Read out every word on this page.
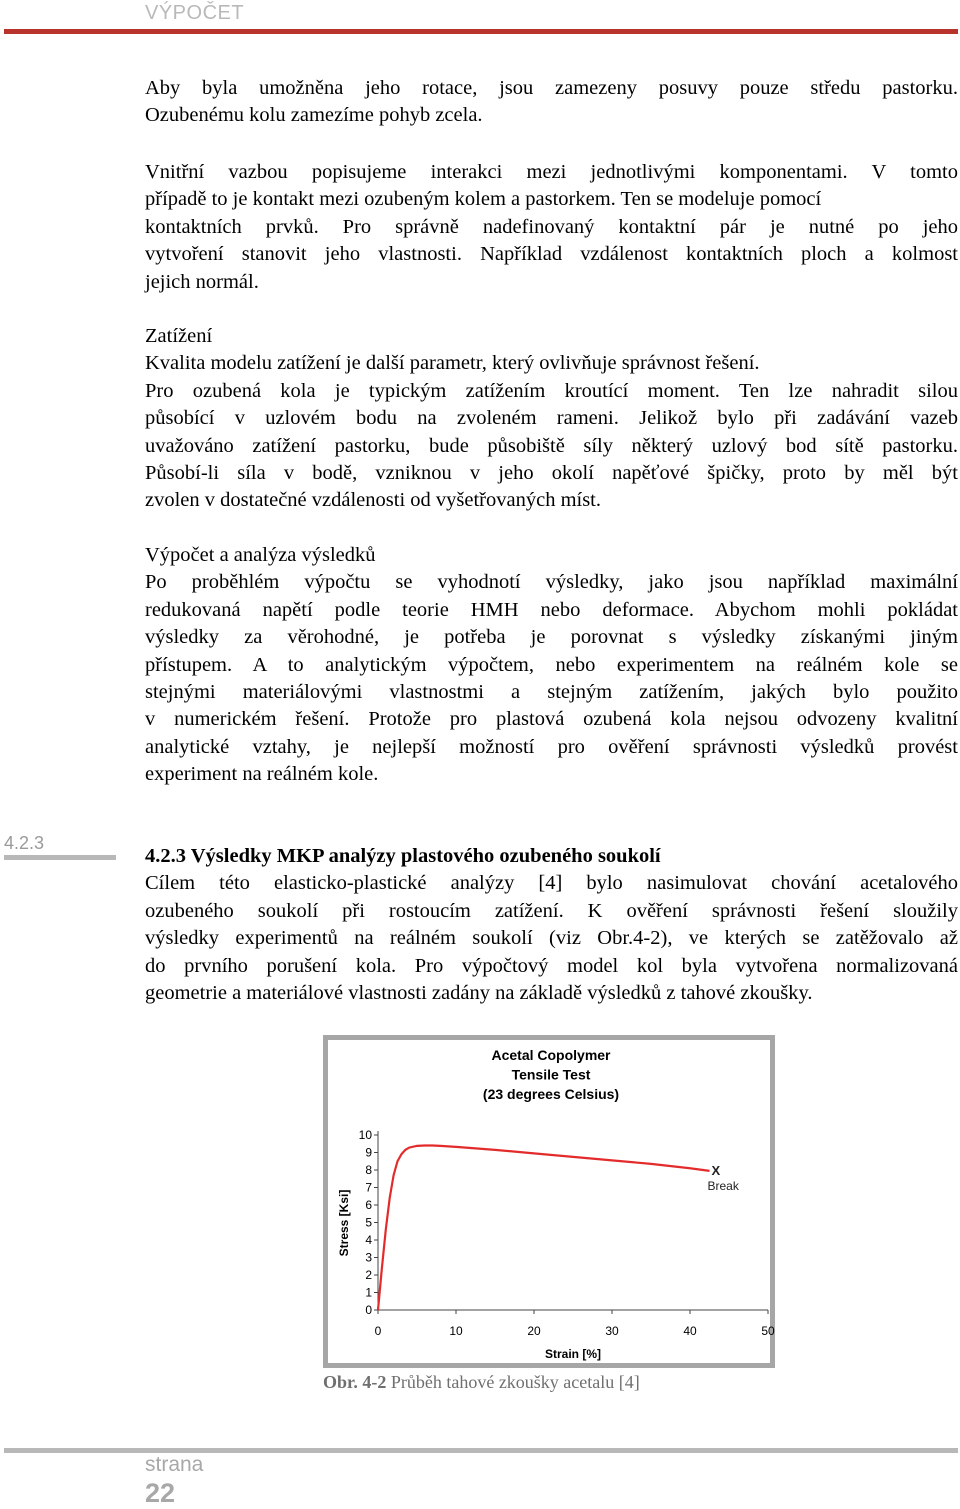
VÝPOČET
Aby byla umožněna jeho rotace, jsou zamezeny posuvy pouze středu pastorku.
Ozubenému kolu zamezíme pohyb zcela.
Vnitřní vazbou popisujeme interakci mezi jednotlivými komponentami. V tomto
případě to je kontakt mezi ozubeným kolem a pastorkem. Ten se modeluje pomocí
kontaktních prvků. Pro správně nadefinovaný kontaktní pár je nutné po jeho
vytvoření stanovit jeho vlastnosti. Například vzdálenost kontaktních ploch a kolmost
jejich normál.
Zatížení
Kvalita modelu zatížení je další parametr, který ovlivňuje správnost řešení.
Pro ozubená kola je typickým zatížením kroutící moment. Ten lze nahradit silou
působící v uzlovém bodu na zvoleném rameni. Jelikož bylo při zadávání vazeb
uvažováno zatížení pastorku, bude působiště síly některý uzlový bod sítě pastorku.
Působí-li síla v bodě, vzniknou v jeho okolí napěťové špičky, proto by měl být
zvolen v dostatečné vzdálenosti od vyšetřovaných míst.
Výpočet a analýza výsledků
Po proběhlém výpočtu se vyhodnotí výsledky, jako jsou například maximální
redukovaná napětí podle teorie HMH nebo deformace. Abychom mohli pokládat
výsledky za věrohodné, je potřeba je porovnat s výsledky získanými jiným
přístupem. A to analytickým výpočtem, nebo experimentem na reálném kole se
stejnými materiálovými vlastnostmi a stejným zatížením, jakých bylo použito
v numerickém řešení. Protože pro plastová ozubená kola nejsou odvozeny kvalitní
analytické vztahy, je nejlepší možností pro ověření správnosti výsledků provést
experiment na reálném kole.
4.2.3
4.2.3 Výsledky MKP analýzy plastového ozubeného soukolí
Cílem této elasticko-plastické analýzy [4] bylo nasimulovat chování acetalového
ozubeného soukolí při rostoucím zatížení. K ověření správnosti řešení sloužily
výsledky experimentů na reálném soukolí (viz Obr.4-2), ve kterých se zatěžovalo až
do prvního porušení kola. Pro výpočtový model kol byla vytvořena normalizovaná
geometrie a materiálové vlastnosti zadány na základě výsledků z tahové zkoušky.
Acetal Copolymer
Tensile Test
(23 degrees Celsius)
0
1
2
3
4
5
6
7
8
9
10
0	10	20	30	40	50
Strain [%]
Stress [Ksi]
X
Break
Obr. 4-2 Průběh tahové zkoušky acetalu [4]
strana
22
